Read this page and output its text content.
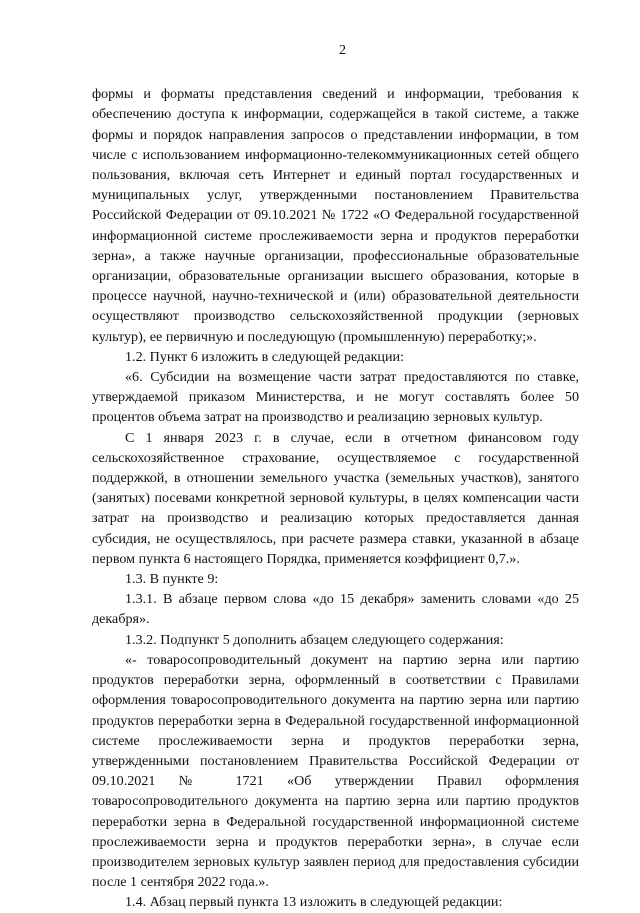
2

формы и форматы представления сведений и информации, требования к обеспечению доступа к информации, содержащейся в такой системе, а также формы и порядок направления запросов о представлении информации, в том числе с использованием информационно-телекоммуникационных сетей общего пользования, включая сеть Интернет и единый портал государственных и муниципальных услуг, утвержденными постановлением Правительства Российской Федерации от 09.10.2021 № 1722 «О Федеральной государственной информационной системе прослеживаемости зерна и продуктов переработки зерна», а также научные организации, профессиональные образовательные организации, образовательные организации высшего образования, которые в процессе научной, научно-технической и (или) образовательной деятельности осуществляют производство сельскохозяйственной продукции (зерновых культур), ее первичную и последующую (промышленную) переработку;».

1.2. Пункт 6 изложить в следующей редакции:

«6. Субсидии на возмещение части затрат предоставляются по ставке, утверждаемой приказом Министерства, и не могут составлять более 50 процентов объема затрат на производство и реализацию зерновых культур.

С 1 января 2023 г. в случае, если в отчетном финансовом году сельскохозяйственное страхование, осуществляемое с государственной поддержкой, в отношении земельного участка (земельных участков), занятого (занятых) посевами конкретной зерновой культуры, в целях компенсации части затрат на производство и реализацию которых предоставляется данная субсидия, не осуществлялось, при расчете размера ставки, указанной в абзаце первом пункта 6 настоящего Порядка, применяется коэффициент 0,7.».

1.3. В пункте 9:

1.3.1. В абзаце первом слова «до 15 декабря» заменить словами «до 25 декабря».

1.3.2. Подпункт 5 дополнить абзацем следующего содержания:

«- товаросопроводительный документ на партию зерна или партию продуктов переработки зерна, оформленный в соответствии с Правилами оформления товаросопроводительного документа на партию зерна или партию продуктов переработки зерна в Федеральной государственной информационной системе прослеживаемости зерна и продуктов переработки зерна, утвержденными постановлением Правительства Российской Федерации от 09.10.2021 № 1721 «Об утверждении Правил оформления товаросопроводительного документа на партию зерна или партию продуктов переработки зерна в Федеральной государственной информационной системе прослеживаемости зерна и продуктов переработки зерна», в случае если производителем зерновых культур заявлен период для предоставления субсидии после 1 сентября 2022 года.».

1.4. Абзац первый пункта 13 изложить в следующей редакции:
